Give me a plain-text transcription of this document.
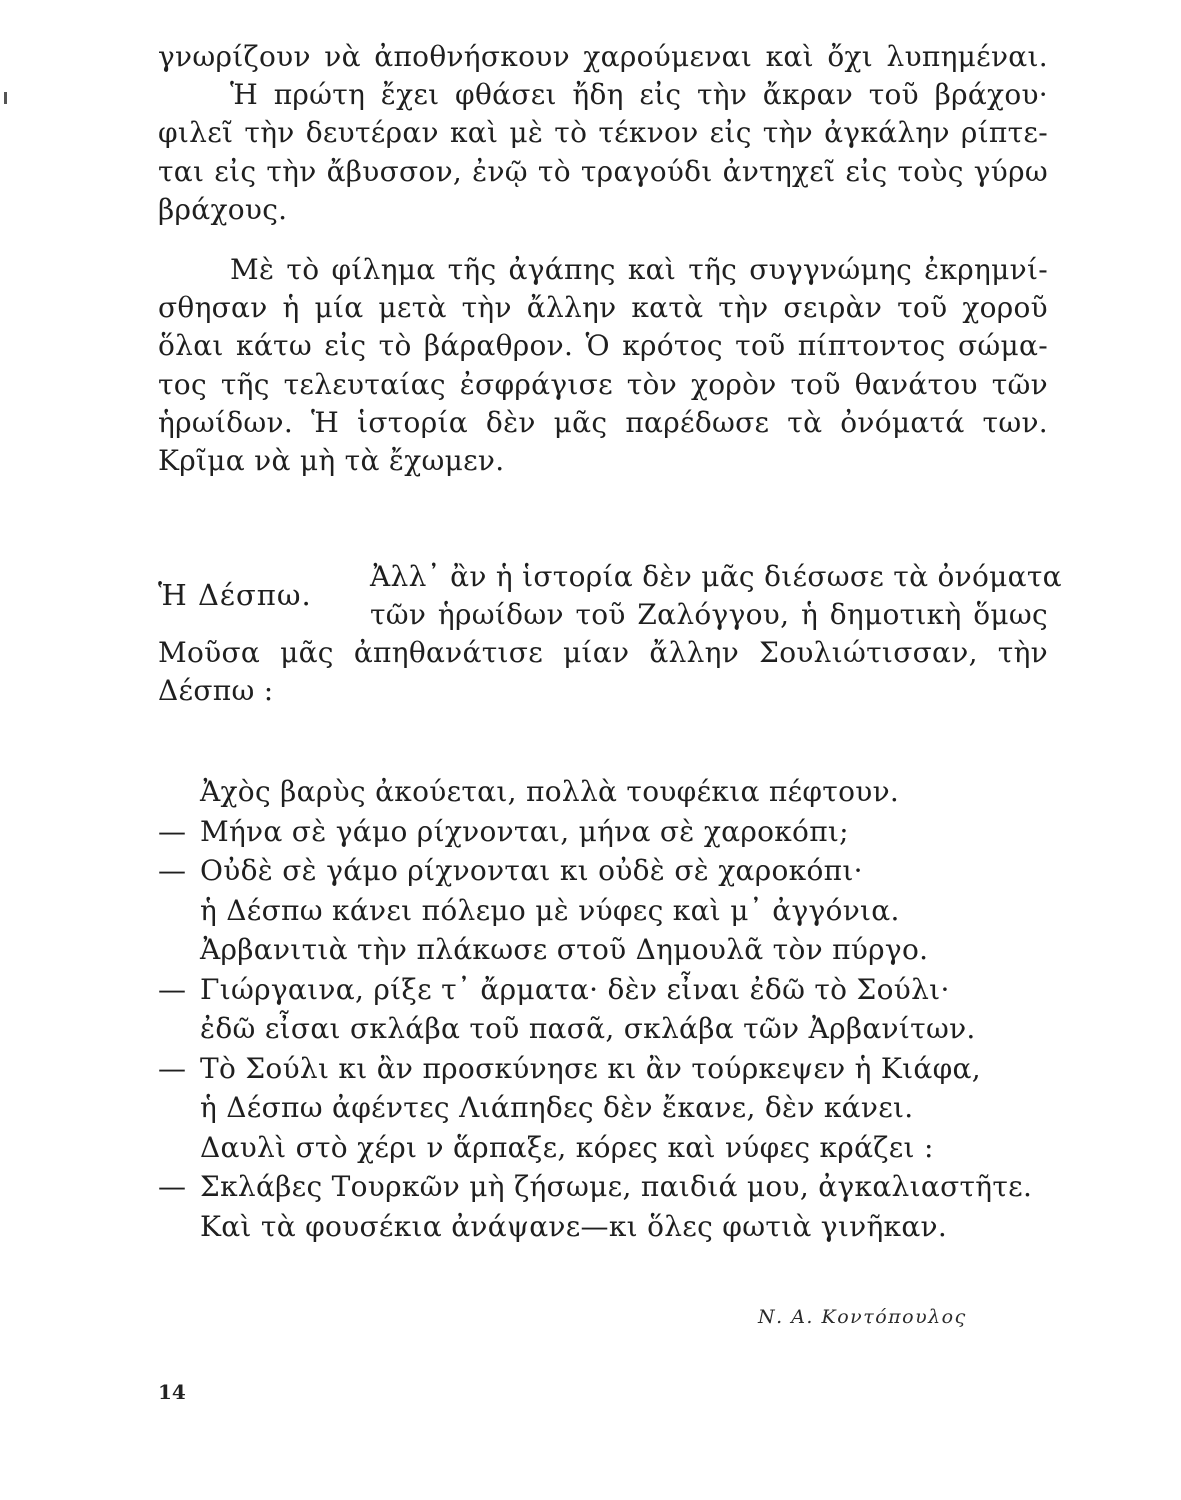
γνωρίζουν νὰ ἀποθνήσκουν χαρούμεναι καὶ ὄχι λυπημέναι.
Ἡ πρώτη ἔχει φθάσει ἤδη εἰς τὴν ἄκραν τοῦ βράχου·
φιλεῖ τὴν δευτέραν καὶ μὲ τὸ τέκνον εἰς τὴν ἀγκάλην ρίπτε-
ται εἰς τὴν ἄβυσσον, ἐνῷ τὸ τραγούδι ἀντηχεῖ εἰς τοὺς γύρω
βράχους.

Μὲ τὸ φίλημα τῆς ἀγάπης καὶ τῆς συγγνώμης ἐκρημνί-
σθησαν ἡ μία μετὰ τὴν ἄλλην κατὰ τὴν σειρὰν τοῦ χοροῦ
ὅλαι κάτω εἰς τὸ βάραθρον. Ὁ κρότος τοῦ πίπτοντος σώμα-
τος τῆς τελευταίας ἐσφράγισε τὸν χορὸν τοῦ θανάτου τῶν
ἡρωίδων. Ἡ ἱστορία δὲν μᾶς παρέδωσε τὰ ὀνόματά των.
Κρῖμα νὰ μὴ τὰ ἔχωμεν.

Ἡ Δέσπω.

Ἀλλ᾽ ἂν ἡ ἱστορία δὲν μᾶς διέσωσε τὰ ὀνόματα
τῶν ἡρωίδων τοῦ Ζαλόγγου, ἡ δημοτικὴ ὅμως

Μοῦσα μᾶς ἀπηθανάτισε μίαν ἄλλην Σουλιώτισσαν, τὴν
Δέσπω :

Ἀχὸς βαρὺς ἀκούεται, πολλὰ τουφέκια πέφτουν.
— Μήνα σὲ γάμο ρίχνονται, μήνα σὲ χαροκόπι;
— Οὐδὲ σὲ γάμο ρίχνονται κι οὐδὲ σὲ χαροκόπι·
ἡ Δέσπω κάνει πόλεμο μὲ νύφες καὶ μ᾽ ἀγγόνια.
Ἀρβανιτιὰ τὴν πλάκωσε στοῦ Δημουλᾶ τὸν πύργο.
— Γιώργαινα, ρίξε τ᾽ ἄρματα· δὲν εἶναι ἐδῶ τὸ Σούλι·
ἐδῶ εἶσαι σκλάβα τοῦ πασᾶ, σκλάβα τῶν Ἀρβανίτων.
— Τὸ Σούλι κι ἂν προσκύνησε κι ἂν τούρκεψεν ἡ Κιάφα,
ἡ Δέσπω ἀφέντες Λιάπηδες δὲν ἔκανε, δὲν κάνει.
Δαυλὶ στὸ χέρι ν ἅρπαξε, κόρες καὶ νύφες κράζει :
— Σκλάβες Τουρκῶν μὴ ζήσωμε, παιδιά μου, ἀγκαλιαστῆτε.
Καὶ τὰ φουσέκια ἀνάψανε—κι ὅλες φωτιὰ γινῆκαν.
Ν. Α. Κοντόπουλος
14
